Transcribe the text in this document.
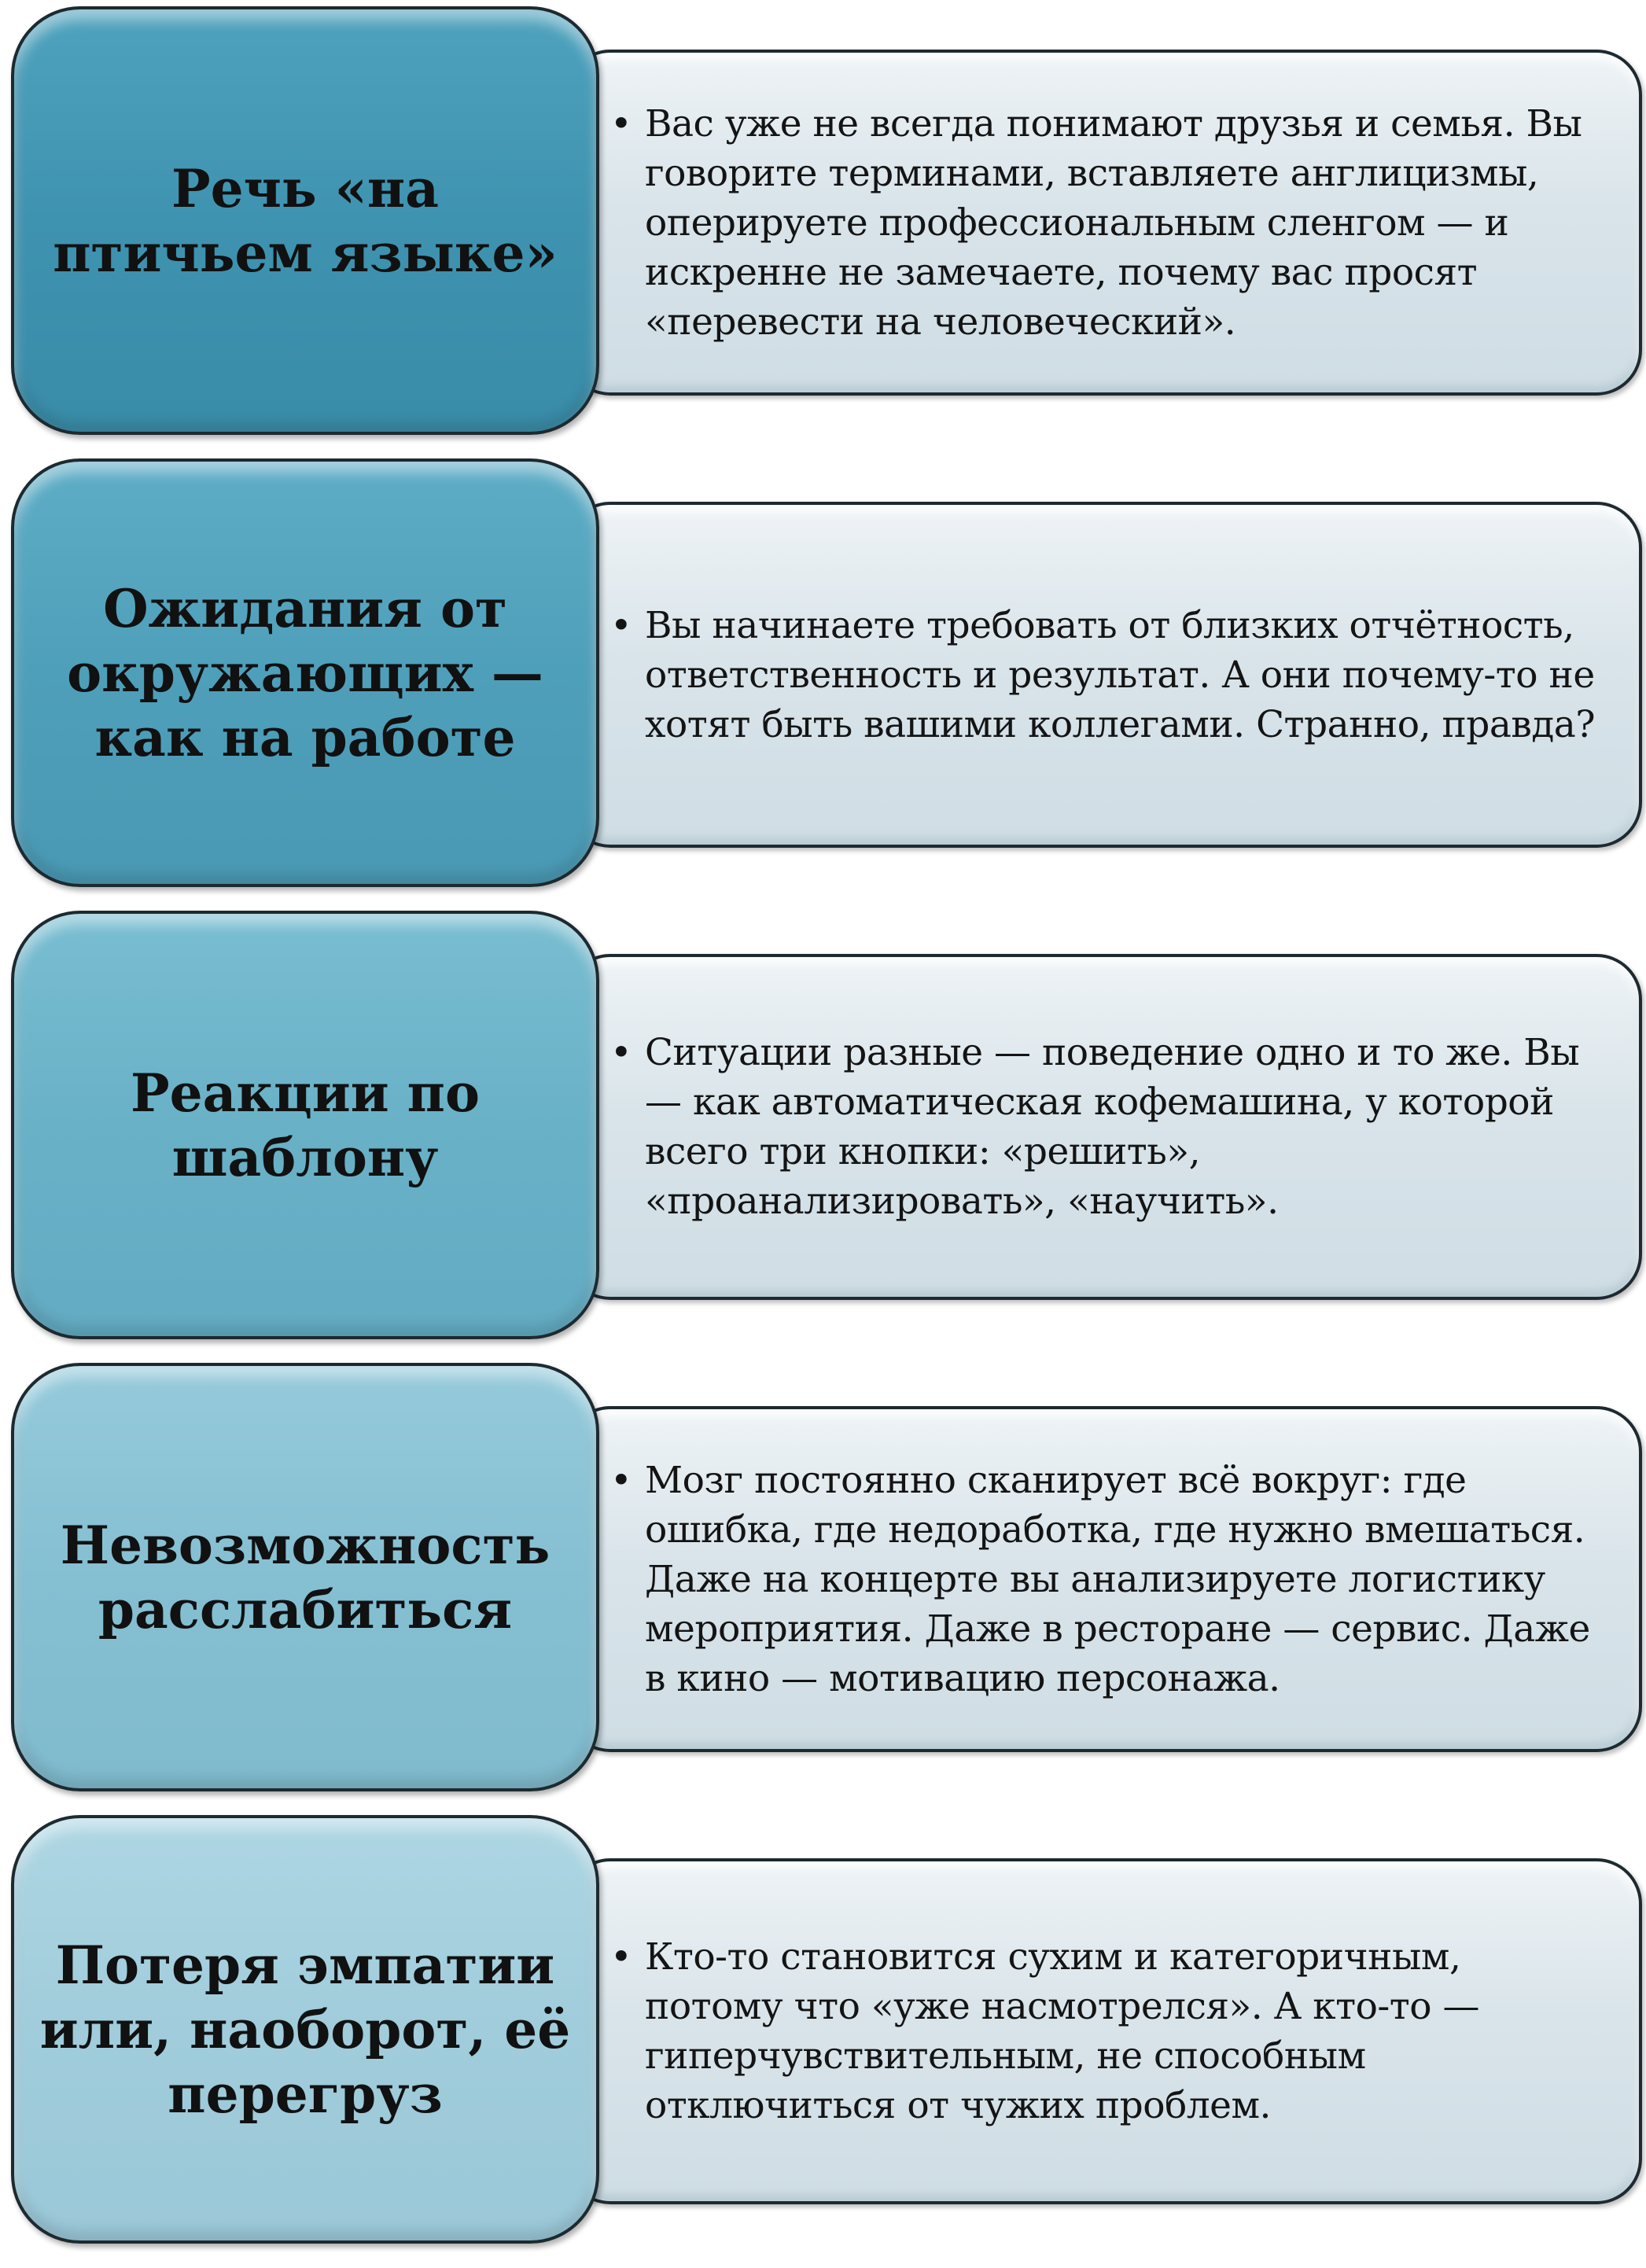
• Вас уже не всегда понимают друзья и семья. Вы говорите терминами, вставляете англицизмы, оперируете профессиональным сленгом — и искренне не замечаете, почему вас просят «перевести на человеческий».
Речь «на птичьем языке»
• Вы начинаете требовать от близких отчётность, ответственность и результат. А они почему-то не хотят быть вашими коллегами. Странно, правда?
Ожидания от окружающих — как на работе
• Ситуации разные — поведение одно и то же. Вы — как автоматическая кофемашина, у которой всего три кнопки: «решить», «проанализировать», «научить».
Реакции по шаблону
• Мозг постоянно сканирует всё вокруг: где ошибка, где недоработка, где нужно вмешаться. Даже на концерте вы анализируете логистику мероприятия. Даже в ресторане — сервис. Даже в кино — мотивацию персонажа.
Невозможность расслабиться
• Кто-то становится сухим и категоричным, потому что «уже насмотрелся». А кто-то — гиперчувствительным, не способным отключиться от чужих проблем.
Потеря эмпатии или, наоборот, её перегруз
